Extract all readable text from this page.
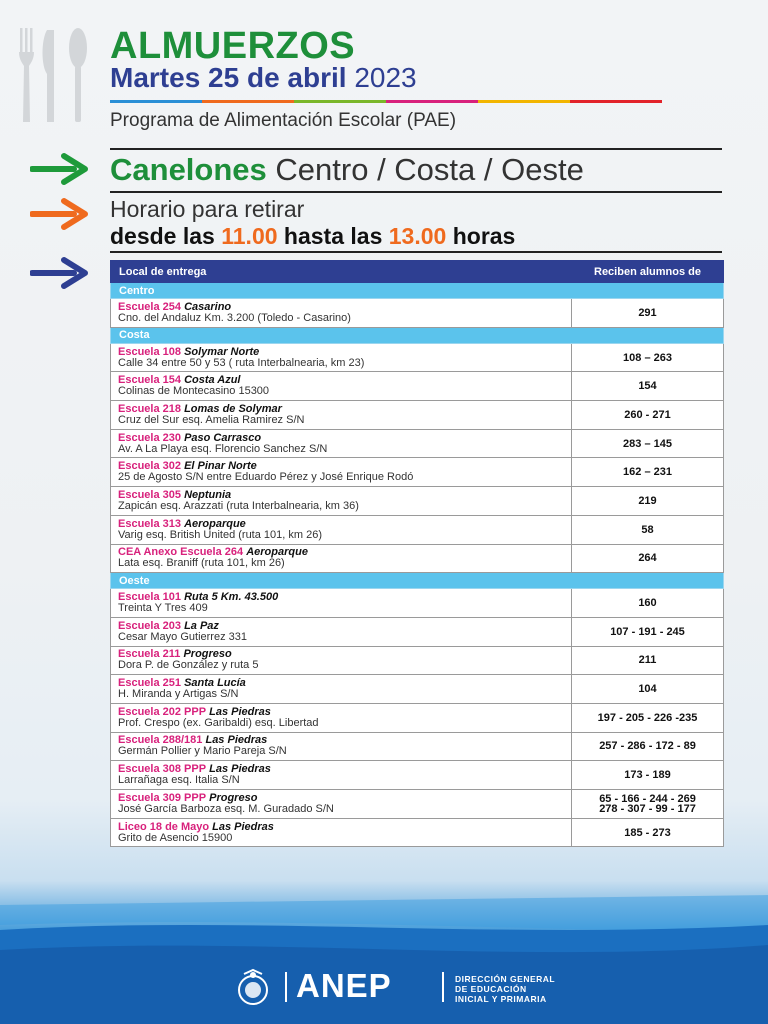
ALMUERZOS
Martes 25 de abril 2023
Programa de Alimentación Escolar (PAE)
Canelones Centro / Costa / Oeste
Horario para retirar
desde las 11.00 hasta las 13.00 horas
Local de entrega	Reciben alumnos de
Centro	
Escuela 254 Casarino
Cno. del Andaluz Km. 3.200 (Toledo - Casarino)	291
Costa	
Escuela 108 Solymar Norte
Calle 34 entre 50 y 53 ( ruta Interbalnearia, km 23)	108 – 263
Escuela 154 Costa Azul
Colinas de Montecasino 15300	154
Escuela 218 Lomas de Solymar
Cruz del Sur esq. Amelia Ramirez S/N	260 - 271
Escuela 230 Paso Carrasco
Av. A La Playa esq. Florencio Sanchez S/N	283 – 145
Escuela 302 El Pinar Norte
25 de Agosto S/N entre Eduardo Pérez y José Enrique Rodó	162 – 231
Escuela 305 Neptunia
Zapicán esq. Arazzati (ruta Interbalnearia, km 36)	219
Escuela 313 Aeroparque
Varig esq. British United (ruta 101, km 26)	58
CEA Anexo Escuela 264 Aeroparque
Lata esq. Braniff (ruta 101, km 26)	264
Oeste	
Escuela 101 Ruta 5 Km. 43.500
Treinta Y Tres 409	160
Escuela 203 La Paz
Cesar Mayo Gutierrez 331	107 - 191 - 245
Escuela 211 Progreso
Dora P. de González y ruta 5	211
Escuela 251 Santa Lucía
H. Miranda y Artigas S/N	104
Escuela 202 PPP Las Piedras
Prof. Crespo (ex. Garibaldi) esq. Libertad	197 - 205 - 226 -235
Escuela 288/181 Las Piedras
Germán Pollier y Mario Pareja S/N	257 - 286 - 172 - 89
Escuela 308 PPP Las Piedras
Larrañaga esq. Italia S/N	173 - 189
Escuela 309 PPP Progreso
José García Barboza esq. M. Guradado S/N	65 - 166 - 244 - 269
278 - 307 - 99 - 177
Liceo 18 de Mayo Las Piedras
Grito de Asencio 15900	185 - 273
ANEP	DIRECCIÓN GENERAL
DE EDUCACIÓN
INICIAL Y PRIMARIA
